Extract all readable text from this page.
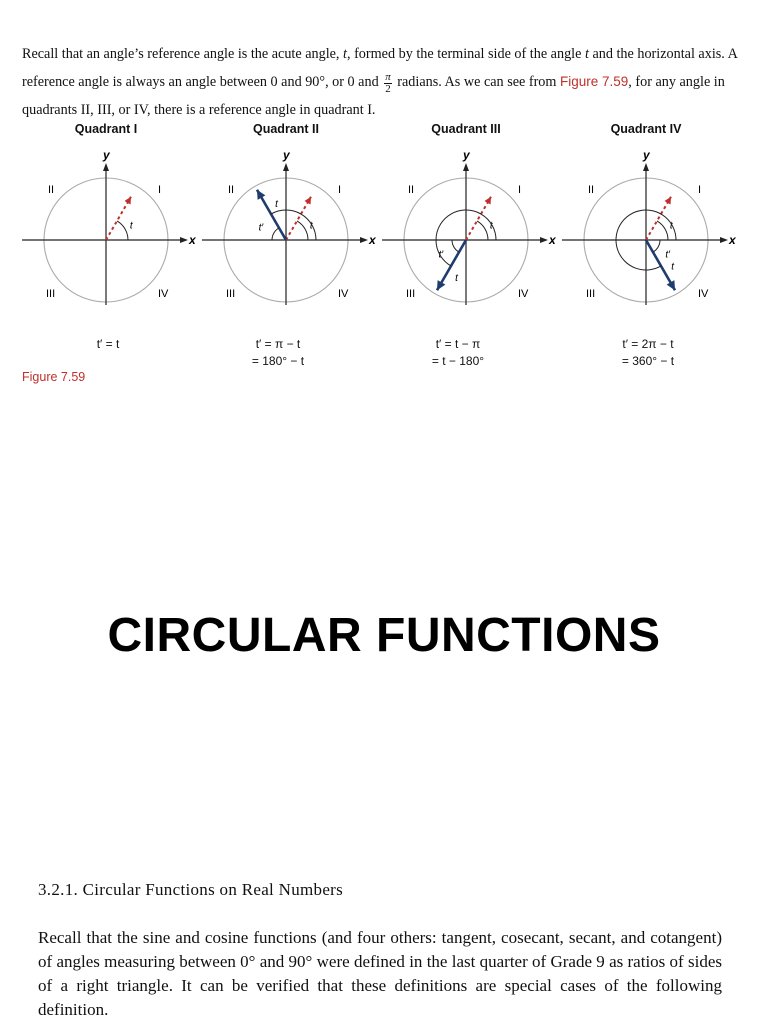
Recall that an angle’s reference angle is the acute angle, t, formed by the terminal side of the angle t and the horizontal axis. A reference angle is always an angle between 0 and 90°, or 0 and $\frac{\pi}{2}$ radians. As we can see from Figure 7.59, for any angle in quadrants II, III, or IV, there is a reference angle in quadrant I.

Quadrant I	Quadrant II	Quadrant III	Quadrant IV
x
y
I
II
III	IV
t
x
y
I
II
III	IV
t
t′
t
x
y
I
II
III	IV
t
t′
t
x
y
I
II
III	IV
t
t′
t
t′ = t	t′ = π − t
= 180° − t
t′ = t − π
= t − 180°
t′ = 2π − t
= 360° − t
Figure 7.59
CIRCULAR FUNCTIONS
3.2.1. Circular Functions on Real Numbers

Recall that the sine and cosine functions (and four others: tangent, cosecant, secant, and cotangent) of angles measuring between 0° and 90° were defined in the last quarter of Grade 9 as ratios of sides of a right triangle. It can be verified that these definitions are special cases of the following definition.
